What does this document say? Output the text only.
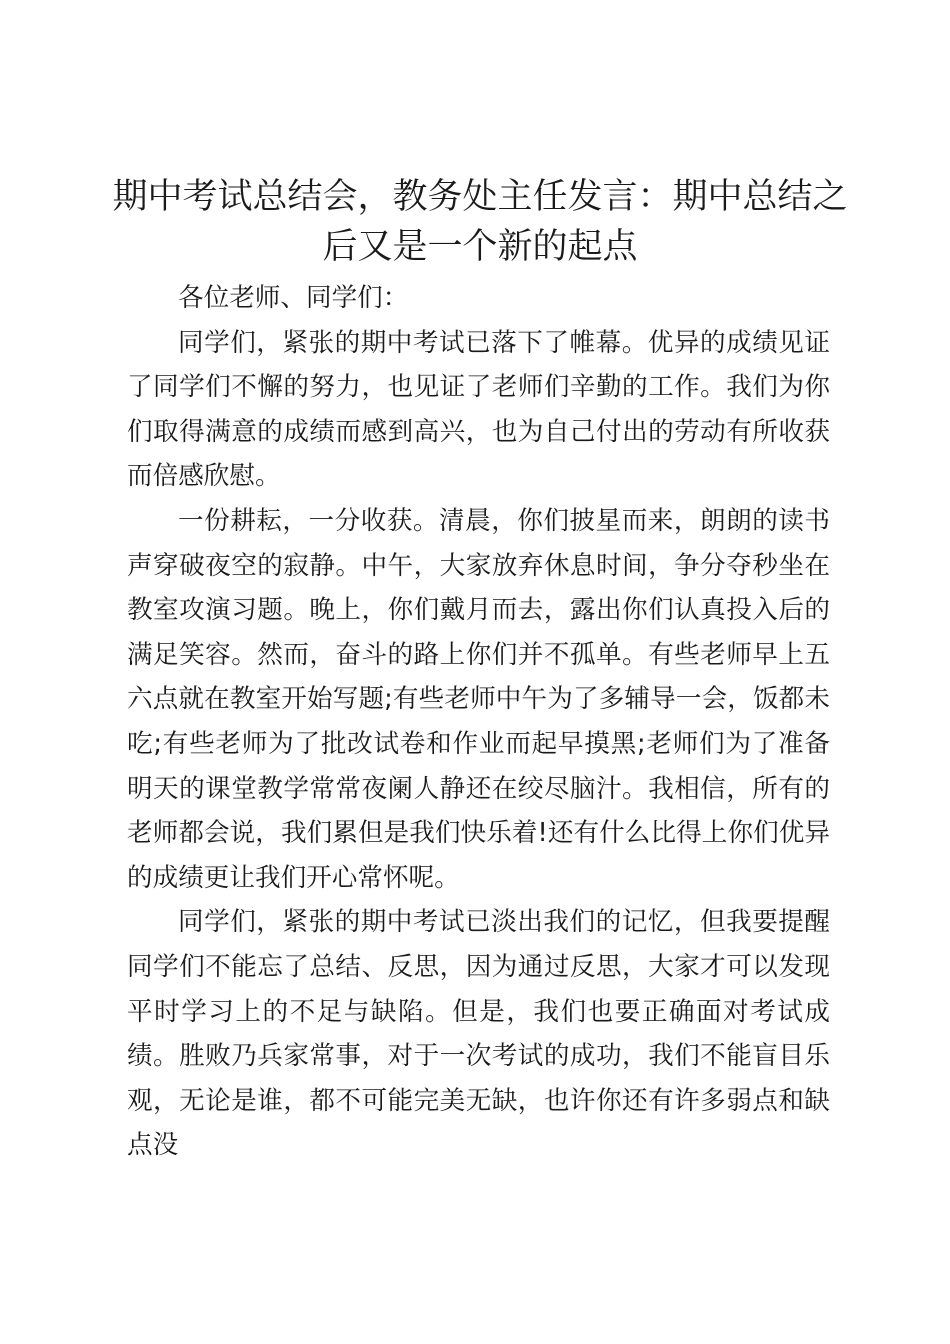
期中考试总结会，教务处主任发言：期中总结之后又是一个新的起点

各位老师、同学们：

同学们，紧张的期中考试已落下了帷幕。优异的成绩见证了同学们不懈的努力，也见证了老师们辛勤的工作。我们为你们取得满意的成绩而感到高兴，也为自己付出的劳动有所收获而倍感欣慰。

一份耕耘，一分收获。清晨，你们披星而来，朗朗的读书声穿破夜空的寂静。中午，大家放弃休息时间，争分夺秒坐在教室攻演习题。晚上，你们戴月而去，露出你们认真投入后的满足笑容。然而，奋斗的路上你们并不孤单。有些老师早上五六点就在教室开始写题;有些老师中午为了多辅导一会，饭都未吃;有些老师为了批改试卷和作业而起早摸黑;老师们为了准备明天的课堂教学常常夜阑人静还在绞尽脑汁。我相信，所有的老师都会说，我们累但是我们快乐着!还有什么比得上你们优异的成绩更让我们开心常怀呢。

同学们，紧张的期中考试已淡出我们的记忆，但我要提醒同学们不能忘了总结、反思，因为通过反思，大家才可以发现平时学习上的不足与缺陷。但是，我们也要正确面对考试成绩。胜败乃兵家常事，对于一次考试的成功，我们不能盲目乐观，无论是谁，都不可能完美无缺，也许你还有许多弱点和缺点没
